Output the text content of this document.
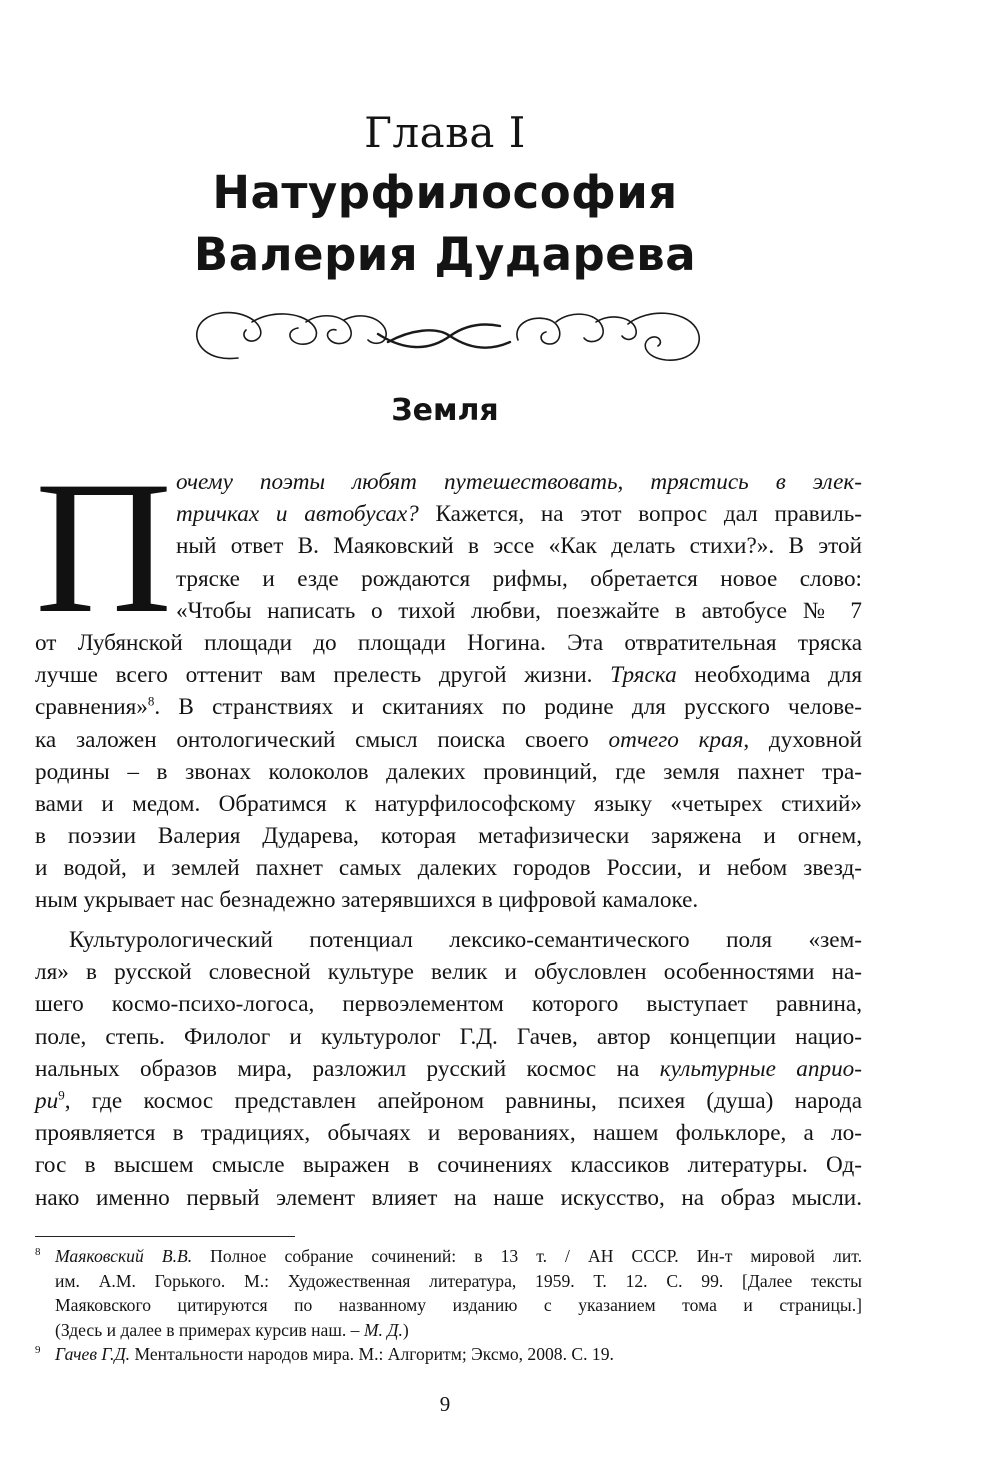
Глава I
Натурфилософия
Валерия Дударева
Земля
П очему поэты любят путешествовать, трястись в элек-
тричках и автобусах? Кажется, на этот вопрос дал правиль-
ный ответ В. Маяковский в эссе «Как делать стихи?». В этой
тряске и езде рождаются рифмы, обретается новое слово:
«Чтобы написать о тихой любви, поезжайте в автобусе № 7
от Лубянской площади до площади Ногина. Эта отвратительная тряска
лучше всего оттенит вам прелесть другой жизни. Тряска необходима для
сравнения»$^8$. В странствиях и скитаниях по родине для русского челове-
ка заложен онтологический смысл поиска своего отчего края, духовной
родины – в звонах колоколов далеких провинций, где земля пахнет тра-
вами и медом. Обратимся к натурфилософскому языку «четырех стихий»
в поэзии Валерия Дударева, которая метафизически заряжена и огнем,
и водой, и землей пахнет самых далеких городов России, и небом звезд-
ным укрывает нас безнадежно затерявшихся в цифровой камалоке.
Культурологический потенциал лексико-семантического поля «зем-
ля» в русской словесной культуре велик и обусловлен особенностями на-
шего космо-психо-логоса, первоэлементом которого выступает равнина,
поле, степь. Филолог и культуролог Г.Д. Гачев, автор концепции нацио-
нальных образов мира, разложил русский космос на культурные априо-
$ри^9$, где космос представлен апейроном равнины, психея (душа) народа
проявляется в традициях, обычаях и верованиях, нашем фольклоре, а ло-
гос в высшем смысле выражен в сочинениях классиков литературы. Од-
нако именно первый элемент влияет на наше искусство, на образ мысли.
8 Маяковский В.В. Полное собрание сочинений: в 13 т. / АН СССР. Ин-т мировой лит.
им. А.М. Горького. М.: Художественная литература, 1959. Т. 12. С. 99. [Далее тексты
Маяковского цитируются по названному изданию с указанием тома и страницы.]
(Здесь и далее в примерах курсив наш. – М. Д.)
9 Гачев Г.Д. Ментальности народов мира. М.: Алгоритм; Эксмо, 2008. С. 19.
9
